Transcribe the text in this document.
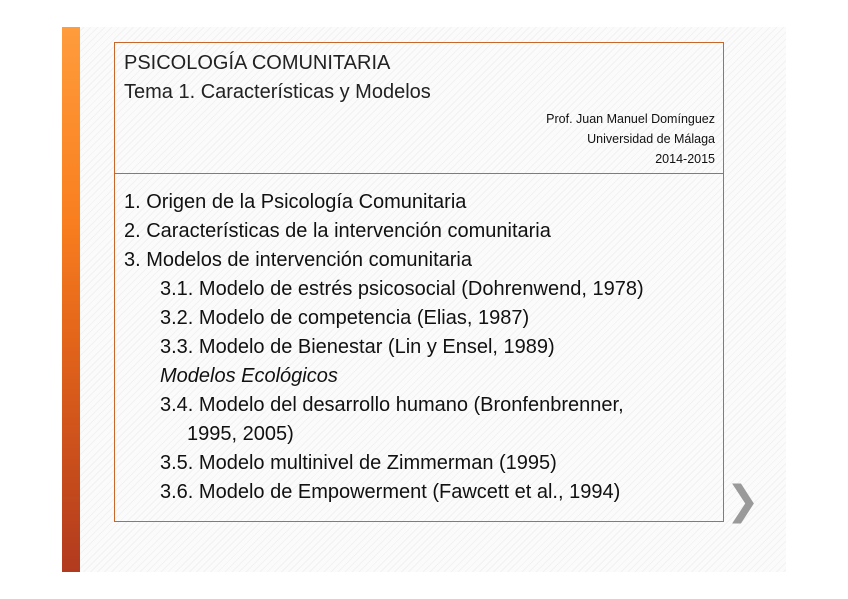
PSICOLOGÍA COMUNITARIA
Tema 1. Características y Modelos
Prof. Juan Manuel Domínguez
Universidad de Málaga
2014-2015
1. Origen de la Psicología Comunitaria
2. Características de la intervención comunitaria
3. Modelos de intervención comunitaria
3.1. Modelo de estrés psicosocial (Dohrenwend, 1978)
3.2. Modelo de competencia (Elias, 1987)
3.3. Modelo de Bienestar (Lin y Ensel, 1989)
Modelos Ecológicos
3.4. Modelo del desarrollo humano (Bronfenbrenner,
1995, 2005)
3.5. Modelo multinivel de Zimmerman (1995)
3.6. Modelo de Empowerment (Fawcett et al., 1994)	❯
